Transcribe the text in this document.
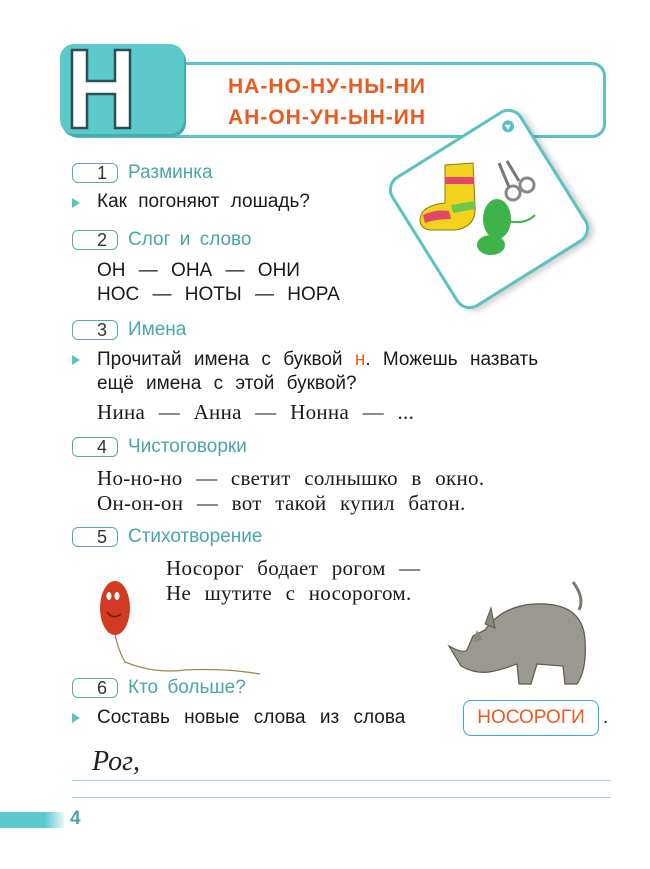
НА-НО-НУ-НЫ-НИ
АН-ОН-УН-ЫН-ИН
1	Разминка
Как погоняют лошадь?
2	Слог и слово
ОН — ОНА — ОНИ
НОС — НОТЫ — НОРА
3	Имена
Прочитай имена с буквой н. Можешь назвать
ещё имена с этой буквой?
Нина — Анна — Нонна — ...
4	Чистоговорки
Но-но-но — светит солнышко в окно.
Он-он-он — вот такой купил батон.
5	Стихотворение
Носорог бодает рогом —
Не шутите с носорогом.
6	Кто больше?
Составь новые слова из слова	НОСОРОГИ .
Рог,
4
